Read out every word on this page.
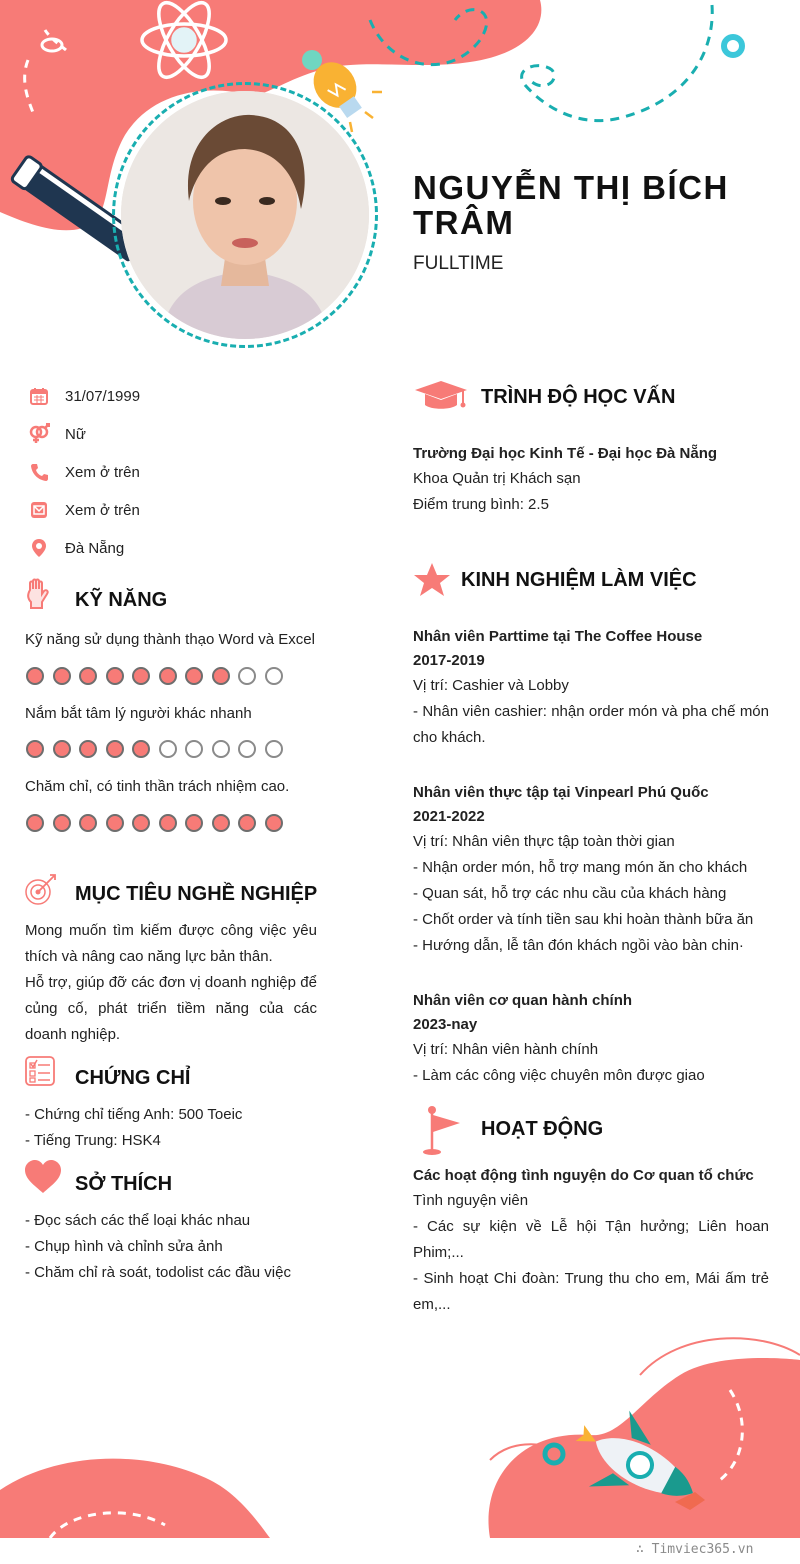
NGUYỄN THỊ BÍCH TRÂM
FULLTIME
31/07/1999
Nữ
Xem ở trên
Xem ở trên
Đà Nẵng
KỸ NĂNG
Kỹ năng sử dụng thành thạo Word và Excel
Nắm bắt tâm lý người khác nhanh
Chăm chỉ, có tinh thần trách nhiệm cao.
MỤC TIÊU NGHỀ NGHIỆP
Mong muốn tìm kiếm được công việc yêu thích và nâng cao năng lực bản thân.
Hỗ trợ, giúp đỡ các đơn vị doanh nghiệp để củng cố, phát triển tiềm năng của các doanh nghiệp.
CHỨNG CHỈ
- Chứng chỉ tiếng Anh: 500 Toeic
- Tiếng Trung: HSK4
SỞ THÍCH
- Đọc sách các thể loại khác nhau
- Chụp hình và chỉnh sửa ảnh
- Chăm chỉ rà soát, todolist các đầu việc
TRÌNH ĐỘ HỌC VẤN
Trường Đại học Kinh Tế - Đại học Đà Nẵng
Khoa Quản trị Khách sạn
Điểm trung bình: 2.5
KINH NGHIỆM LÀM VIỆC
Nhân viên Parttime tại The Coffee House
2017-2019
Vị trí: Cashier và Lobby
- Nhân viên cashier: nhận order món và pha chế món cho khách.
Nhân viên thực tập tại Vinpearl Phú Quốc
2021-2022
Vị trí: Nhân viên thực tập toàn thời gian
- Nhận order món, hỗ trợ mang món ăn cho khách
- Quan sát, hỗ trợ các nhu cầu của khách hàng
- Chốt order và tính tiền sau khi hoàn thành bữa ăn
- Hướng dẫn, lễ tân đón khách ngồi vào bàn chin·
Nhân viên cơ quan hành chính
2023-nay
Vị trí: Nhân viên hành chính
- Làm các công việc chuyên môn được giao
HOẠT ĐỘNG
Các hoạt động tình nguyện do Cơ quan tổ chức
Tình nguyện viên
- Các sự kiện về Lễ hội Tận hưởng; Liên hoan Phim;...
- Sinh hoạt Chi đoàn: Trung thu cho em, Mái ấm trẻ em,...
∴ Timviec365.vn
